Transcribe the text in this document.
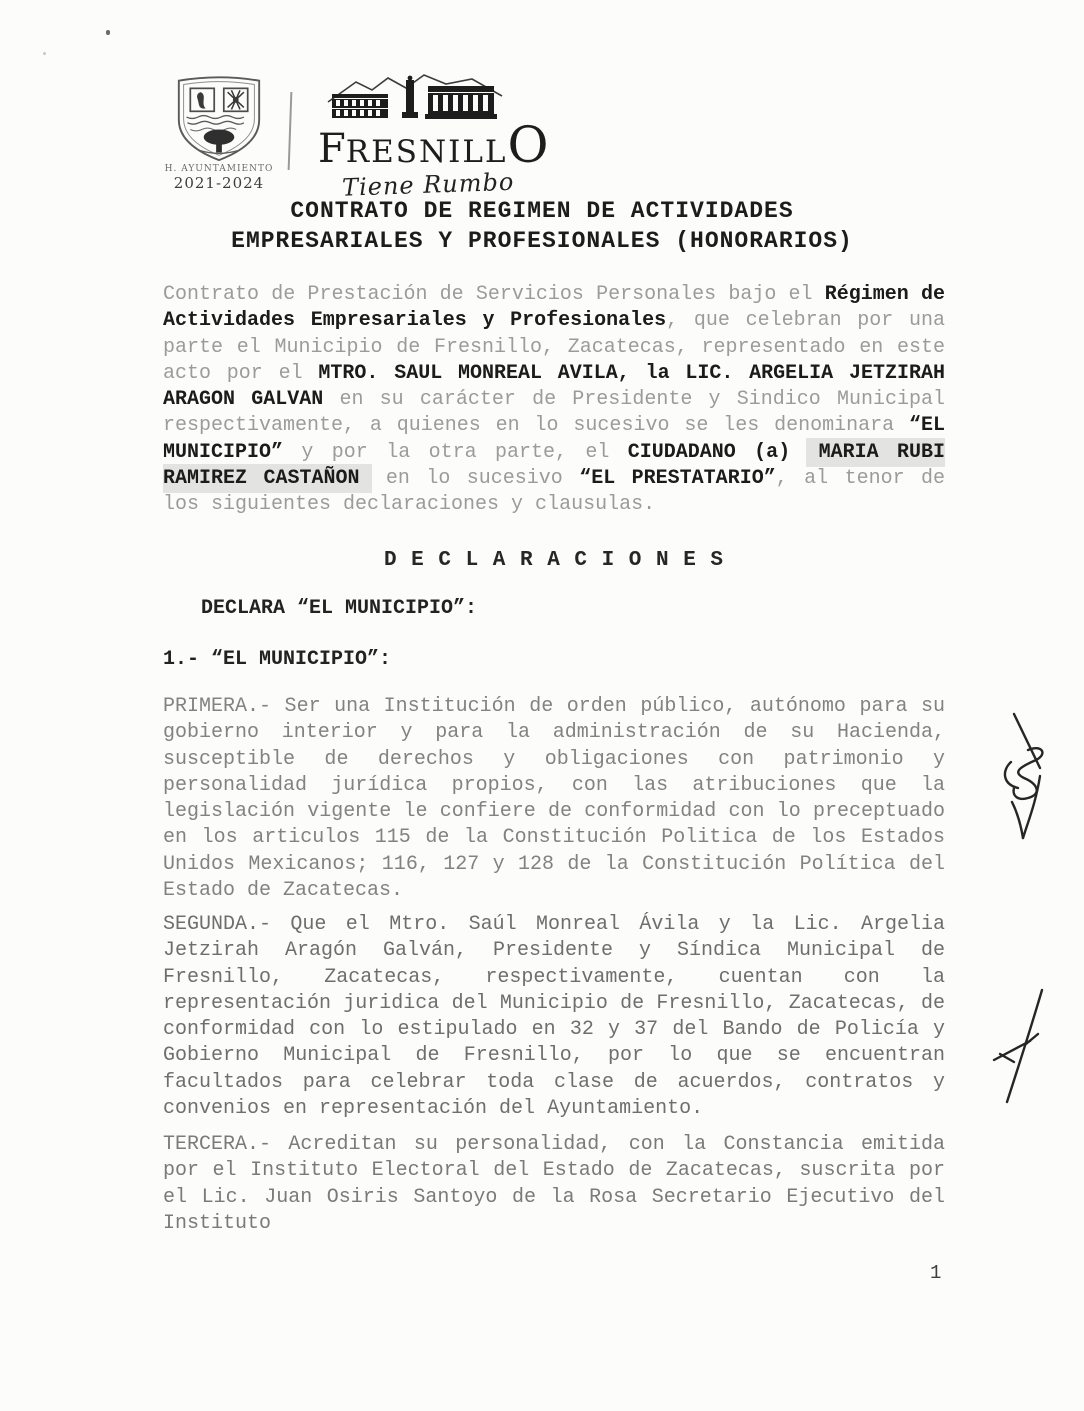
H. AYUNTAMIENTO
2021-2024
FRESNILLO
Tiene Rumbo
CONTRATO DE REGIMEN DE ACTIVIDADES
EMPRESARIALES Y PROFESIONALES (HONORARIOS)

Contrato de Prestación de Servicios Personales bajo el Régimen de Actividades Empresariales y Profesionales, que celebran por una parte el Municipio de Fresnillo, Zacatecas, representado en este acto por el MTRO. SAUL MONREAL AVILA, la LIC. ARGELIA JETZIRAH ARAGON GALVAN en su carácter de Presidente y Sindico Municipal respectivamente, a quienes en lo sucesivo se les denominara “EL MUNICIPIO” y por la otra parte, el CIUDADANO (a) MARIA RUBI RAMIREZ CASTAÑON en lo sucesivo “EL PRESTATARIO”, al tenor de los siguientes declaraciones y clausulas.

D E C L A R A C I O N E S
DECLARA “EL MUNICIPIO”:
1.- “EL MUNICIPIO”:

PRIMERA.- Ser una Institución de orden público, autónomo para su gobierno interior y para la administración de su Hacienda, susceptible de derechos y obligaciones con patrimonio y personalidad jurídica propios, con las atribuciones que la legislación vigente le confiere de conformidad con lo preceptuado en los articulos 115 de la Constitución Politica de los Estados Unidos Mexicanos; 116, 127 y 128 de la Constitución Política del Estado de Zacatecas.

SEGUNDA.- Que el Mtro. Saúl Monreal Ávila y la Lic. Argelia Jetzirah Aragón Galván, Presidente y Síndica Municipal de Fresnillo, Zacatecas, respectivamente, cuentan con la representación juridica del Municipio de Fresnillo, Zacatecas, de conformidad con lo estipulado en 32 y 37 del Bando de Policía y Gobierno Municipal de Fresnillo, por lo que se encuentran facultados para celebrar toda clase de acuerdos, contratos y convenios en representación del Ayuntamiento.

TERCERA.- Acreditan su personalidad, con la Constancia emitida por el Instituto Electoral del Estado de Zacatecas, suscrita por el Lic. Juan Osiris Santoyo de la Rosa Secretario Ejecutivo del Instituto

1
